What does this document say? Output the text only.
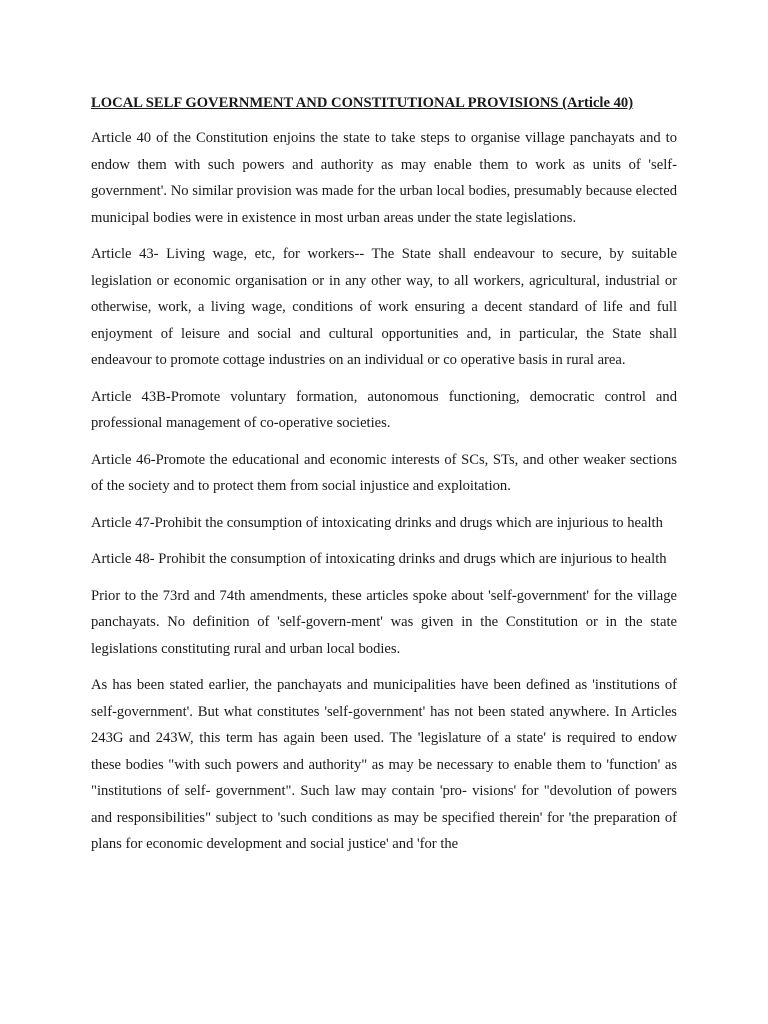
LOCAL SELF GOVERNMENT AND CONSTITUTIONAL PROVISIONS (Article 40)

Article 40 of the Constitution enjoins the state to take steps to organise village panchayats and to endow them with such powers and authority as may enable them to work as units of 'self-government'. No similar provision was made for the urban local bodies, presumably because elected municipal bodies were in existence in most urban areas under the state legislations.

Article 43- Living wage, etc, for workers-- The State shall endeavour to secure, by suitable legislation or economic organisation or in any other way, to all workers, agricultural, industrial or otherwise, work, a living wage, conditions of work ensuring a decent standard of life and full enjoyment of leisure and social and cultural opportunities and, in particular, the State shall endeavour to promote cottage industries on an individual or co operative basis in rural area.

Article 43B-Promote voluntary formation, autonomous functioning, democratic control and professional management of co-operative societies.

Article 46-Promote the educational and economic interests of SCs, STs, and other weaker sections of the society and to protect them from social injustice and exploitation.

Article 47-Prohibit the consumption of intoxicating drinks and drugs which are injurious to health

Article 48- Prohibit the consumption of intoxicating drinks and drugs which are injurious to health

Prior to the 73rd and 74th amendments, these articles spoke about 'self-government' for the village panchayats. No definition of 'self-govern-ment' was given in the Constitution or in the state legislations constituting rural and urban local bodies.

As has been stated earlier, the panchayats and municipalities have been defined as 'institutions of self-government'. But what constitutes 'self-government' has not been stated anywhere. In Articles 243G and 243W, this term has again been used. The 'legislature of a state' is required to endow these bodies "with such powers and authority" as may be necessary to enable them to 'function' as "institutions of self- government". Such law may contain 'pro- visions' for "devolution of powers and responsibilities" subject to 'such conditions as may be specified therein' for 'the preparation of plans for economic development and social justice' and 'for the
